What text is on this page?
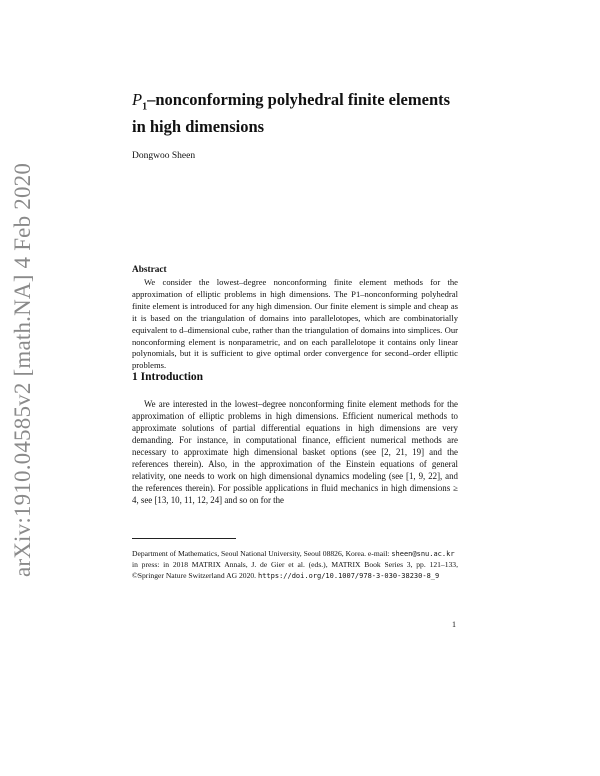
arXiv:1910.04585v2 [math.NA] 4 Feb 2020
$P_1$–nonconforming polyhedral finite elements in high dimensions
Dongwoo Sheen
Abstract
We consider the lowest–degree nonconforming finite element methods for the approximation of elliptic problems in high dimensions. The P1–nonconforming polyhedral finite element is introduced for any high dimension. Our finite element is simple and cheap as it is based on the triangulation of domains into parallelotopes, which are combinatorially equivalent to d–dimensional cube, rather than the triangulation of domains into simplices. Our nonconforming element is nonparametric, and on each parallelotope it contains only linear polynomials, but it is sufficient to give optimal order convergence for second–order elliptic problems.
1 Introduction
We are interested in the lowest–degree nonconforming finite element methods for the approximation of elliptic problems in high dimensions. Efficient numerical methods to approximate solutions of partial differential equations in high dimensions are very demanding. For instance, in computational finance, efficient numerical methods are necessary to approximate high dimensional basket options (see [2, 21, 19] and the references therein). Also, in the approximation of the Einstein equations of general relativity, one needs to work on high dimensional dynamics modeling (see [1, 9, 22], and the references therein). For possible applications in fluid mechanics in high dimensions ≥ 4, see [13, 10, 11, 12, 24] and so on for the
Department of Mathematics, Seoul National University, Seoul 08826, Korea. e-mail: sheen@snu.ac.kr
in press: in 2018 MATRIX Annals, J. de Gier et al. (eds.), MATRIX Book Series 3, pp. 121–133, ©Springer Nature Switzerland AG 2020. https://doi.org/10.1007/978-3-030-38230-8_9
1
